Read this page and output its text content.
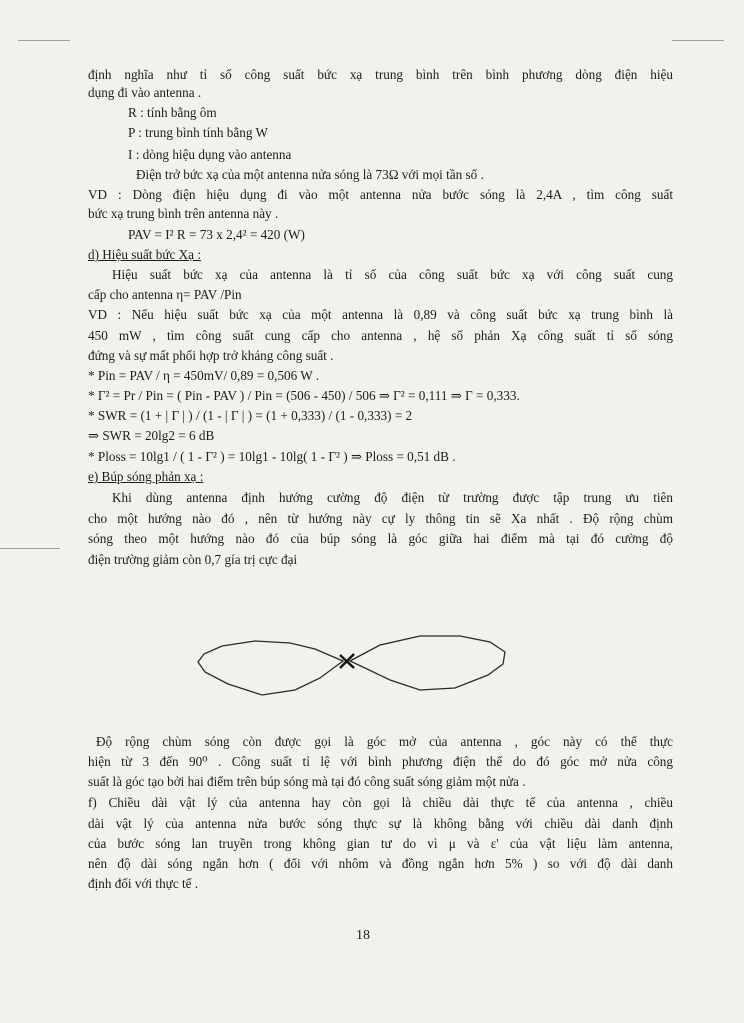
định nghĩa như tỉ số công suất bức xạ trung bình trên bình phương dòng điện hiệu
dụng đi vào antenna .
R : tính bằng ôm
P : trung bình tính bằng W
I : dòng hiệu dụng vào antenna
Điện trở bức xạ của một antenna nửa sóng là 73Ω với mọi tần số .
VD : Dòng điện hiệu dụng đi vào một antenna nửa bước sóng là 2,4A , tìm công suất
bức xạ trung bình trên antenna này .
PAV = I² R = 73 x 2,4² = 420 (W)
d) Hiệu suất bức Xạ :
Hiệu suất bức xạ của antenna là tỉ số của công suất bức xạ với công suất cung
cấp cho antenna η= PAV /Pin
VD : Nếu hiệu suất bức xạ của một antenna là 0,89 và công suất bức xạ trung bình là
450 mW , tìm công suất cung cấp cho antenna , hệ số phản Xạ công suất tỉ số sóng
đứng và sự mất phối hợp trở kháng công suất .
* Pin = PAV / η = 450mV/ 0,89 = 0,506 W .
* Γ² = Pr / Pin = ( Pin - PAV ) / Pin = (506 - 450) / 506 ⇒ Γ² = 0,111 ⇒ Γ = 0,333.
* SWR = (1 + | Γ | ) / (1 - | Γ | ) = (1 + 0,333) / (1 - 0,333) = 2
⇒ SWR = 20lg2 = 6 dB
* Ploss = 10lg1 / ( 1 - Γ² ) = 10lg1 - 10lg( 1 - Γ² ) ⇒ Ploss = 0,51 dB .
e) Búp sóng phản xạ :
Khi dùng antenna định hướng cường độ điện từ trường được tập trung ưu tiên
cho một hướng nào đó , nên từ hướng này cự ly thông tin sẽ Xa nhất . Độ rộng chùm
sóng theo một hướng nào đó của búp sóng là góc giữa hai điểm mà tại đó cường độ
điện trường giảm còn 0,7 gía trị cực đại
Độ rộng chùm sóng còn được gọi là góc mở của antenna , góc này có thể thực
hiện từ 3 đến 90⁰ . Công suất tỉ lệ với bình phương điện thế do đó góc mở nửa công
suất là góc tạo bởi hai điểm trên búp sóng mà tại đó công suất sóng giảm một nửa .
f) Chiều dài vật lý của antenna hay còn gọi là chiều dài thực tế của antenna , chiều
dài vật lý của antenna nửa bước sóng thực sự là không bằng với chiều dài danh định
của bước sóng lan truyền trong không gian tư do vì μ và ε' của vật liệu làm antenna,
nên độ dài sóng ngắn hơn ( đối với nhôm và đồng ngắn hơn 5% ) so với độ dài danh
định đối với thực tế .
18
